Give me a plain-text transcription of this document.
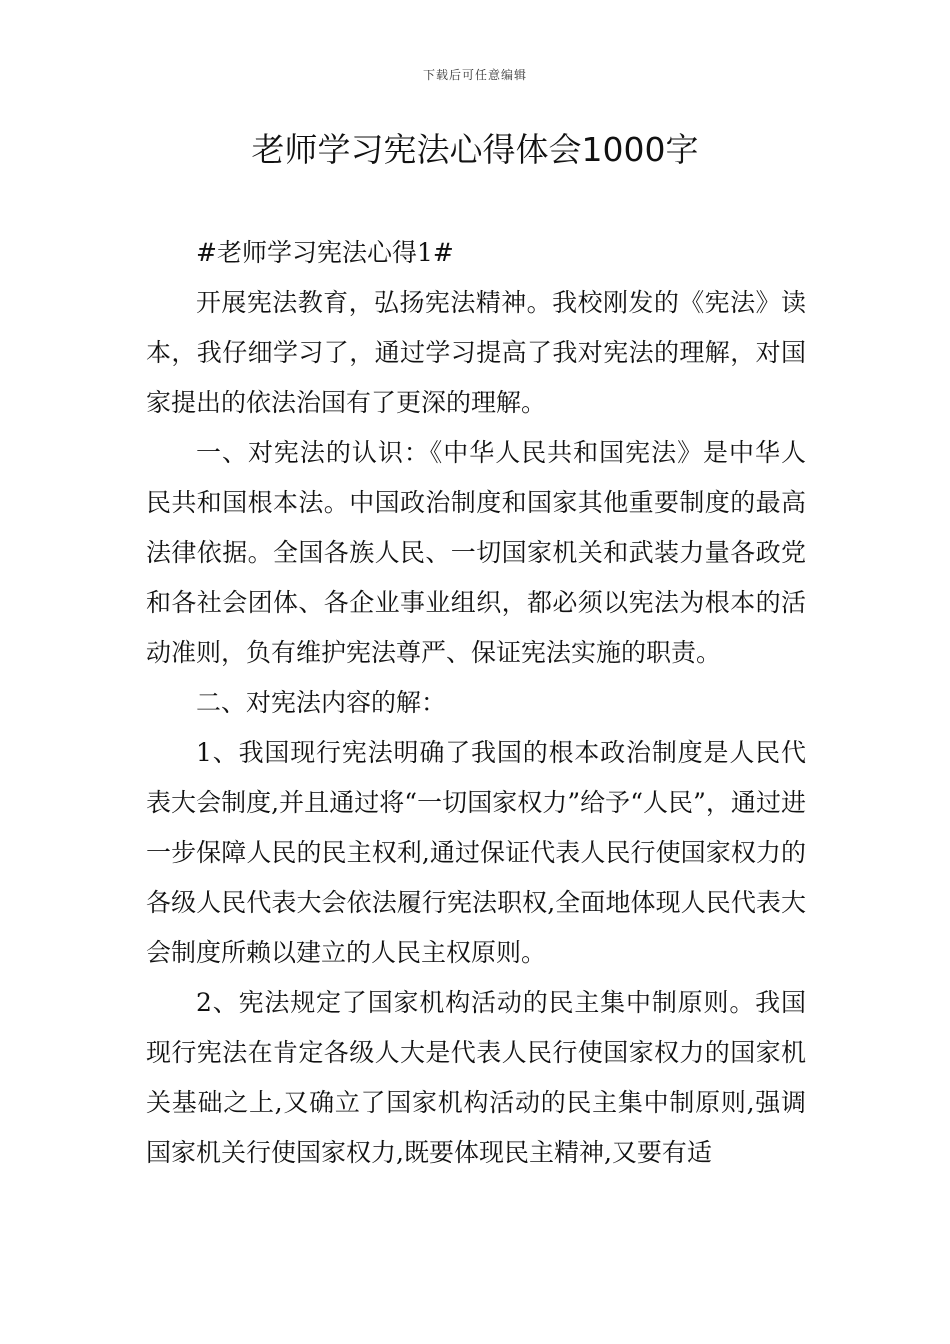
下载后可任意编辑
老师学习宪法心得体会1000字

#老师学习宪法心得1#

开展宪法教育，弘扬宪法精神。我校刚发的《宪法》读本，我仔细学习了，通过学习提高了我对宪法的理解，对国家提出的依法治国有了更深的理解。

一、对宪法的认识：《中华人民共和国宪法》是中华人民共和国根本法。中国政治制度和国家其他重要制度的最高法律依据。全国各族人民、一切国家机关和武装力量各政党和各社会团体、各企业事业组织，都必须以宪法为根本的活动准则，负有维护宪法尊严、保证宪法实施的职责。

二、对宪法内容的解：

1、我国现行宪法明确了我国的根本政治制度是人民代表大会制度,并且通过将“一切国家权力”给予“人民”，通过进一步保障人民的民主权利,通过保证代表人民行使国家权力的各级人民代表大会依法履行宪法职权,全面地体现人民代表大会制度所赖以建立的人民主权原则。

2、宪法规定了国家机构活动的民主集中制原则。我国现行宪法在肯定各级人大是代表人民行使国家权力的国家机关基础之上,又确立了国家机构活动的民主集中制原则,强调国家机关行使国家权力,既要体现民主精神,又要有适
